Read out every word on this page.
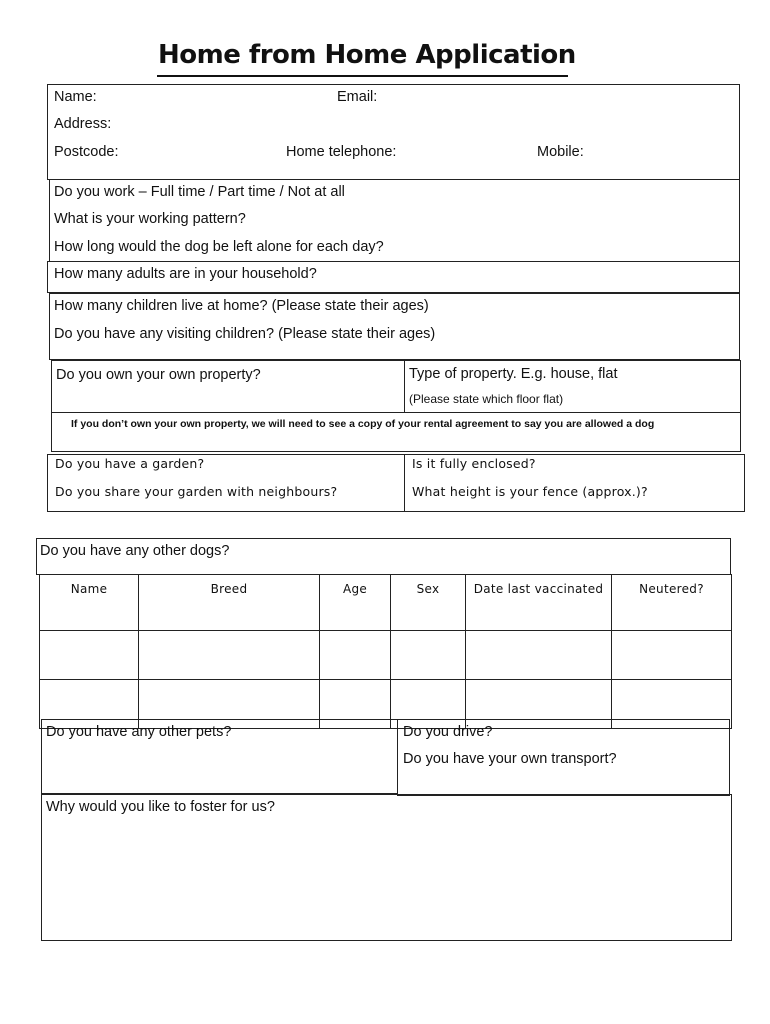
Home from Home Application
Name:	Email:
Address:
Postcode:	Home telephone:	Mobile:
Do you work – Full time / Part time / Not at all
What is your working pattern?
How long would the dog be left alone for each day?
How many adults are in your household?
How many children live at home? (Please state their ages)
Do you have any visiting children? (Please state their ages)
Do you own your own property?	Type of property. E.g. house, flat
(Please state which floor flat)
If you don’t own your own property, we will need to see a copy of your rental agreement to say you are allowed a dog
Do you have a garden?	Is it fully enclosed?
Do you share your garden with neighbours?	What height is your fence (approx.)?
Do you have any other dogs?
Name	Breed	Age	Sex	Date last vaccinated	Neutered?

Do you have any other pets?	Do you drive?
Do you have your own transport?
Why would you like to foster for us?
